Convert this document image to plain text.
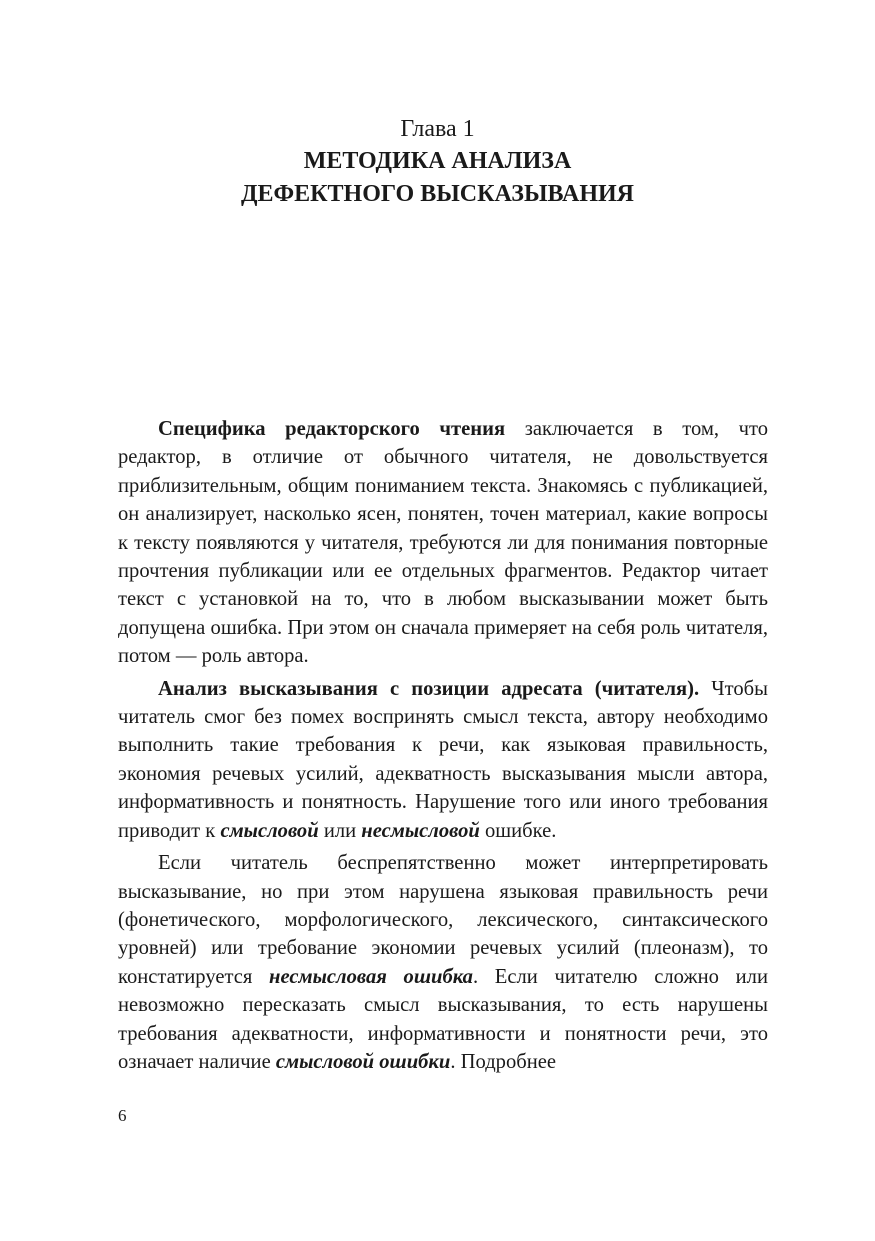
Глава 1
МЕТОДИКА АНАЛИЗА
ДЕФЕКТНОГО ВЫСКАЗЫВАНИЯ

Специфика редакторского чтения заключается в том, что редактор, в отличие от обычного читателя, не довольствуется приблизительным, общим пониманием текста. Знакомясь с публикацией, он анализирует, насколько ясен, понятен, точен материал, какие вопросы к тексту появляются у читателя, требуются ли для понимания повторные прочтения публикации или ее отдельных фрагментов. Редактор читает текст с установкой на то, что в любом высказывании может быть допущена ошибка. При этом он сначала примеряет на себя роль читателя, потом — роль автора.

Анализ высказывания с позиции адресата (читателя). Чтобы читатель смог без помех воспринять смысл текста, автору необходимо выполнить такие требования к речи, как языковая правильность, экономия речевых усилий, адекватность высказывания мысли автора, информативность и понятность. Нарушение того или иного требования приводит к смысловой или несмысловой ошибке.

Если читатель беспрепятственно может интерпретировать высказывание, но при этом нарушена языковая правильность речи (фонетического, морфологического, лексического, синтаксического уровней) или требование экономии речевых усилий (плеоназм), то констатируется несмысловая ошибка. Если читателю сложно или невозможно пересказать смысл высказывания, то есть нарушены требования адекватности, информативности и понятности речи, это означает наличие смысловой ошибки. Подробнее

6
